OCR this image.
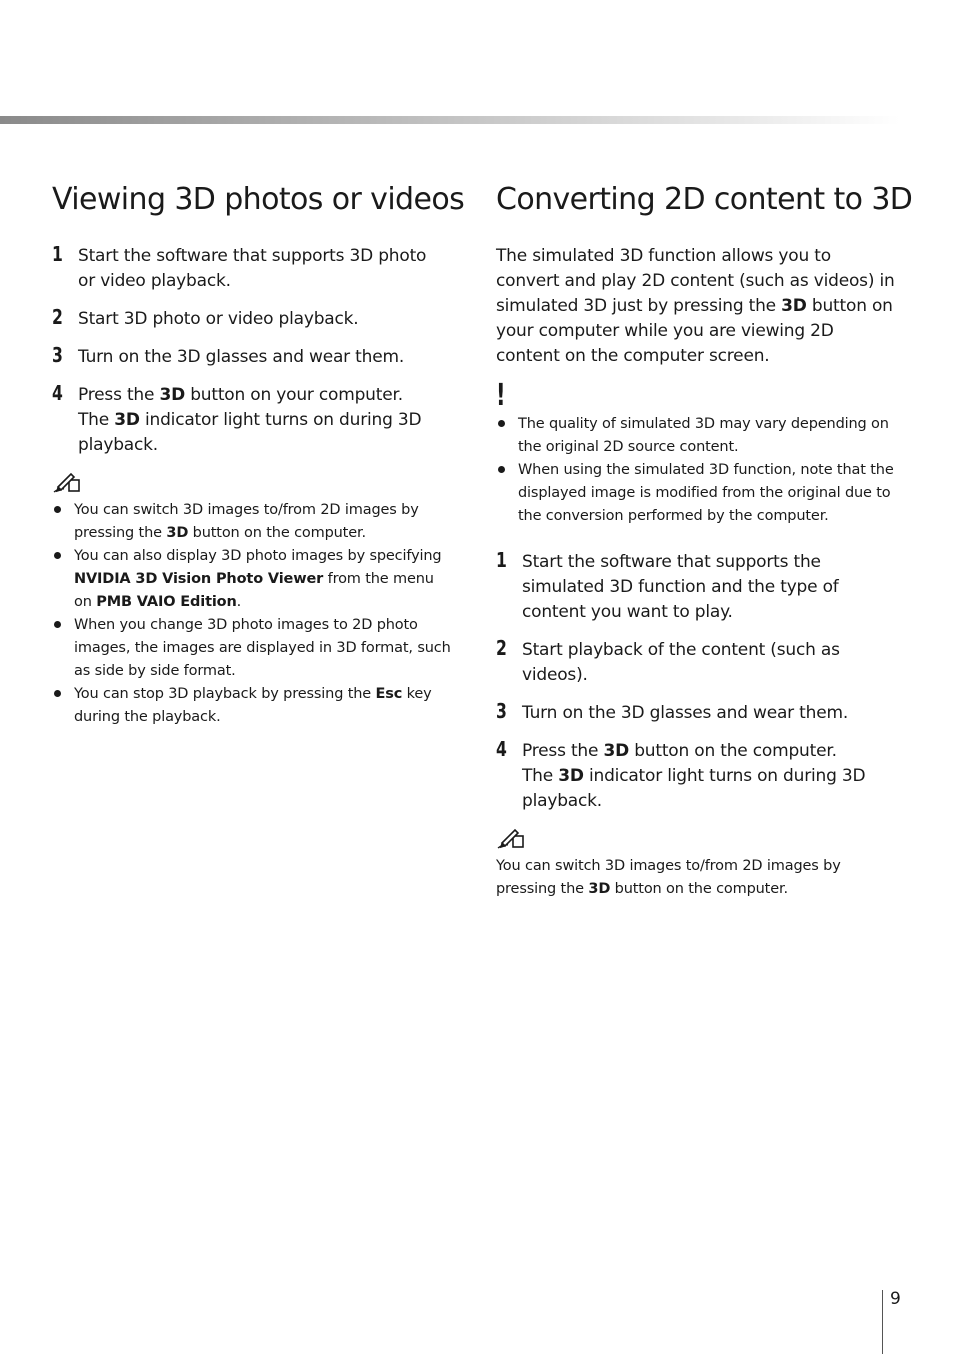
Viewing 3D photos or videos
1 Start the software that supports 3D photo
or video playback.
2 Start 3D photo or video playback.
3 Turn on the 3D glasses and wear them.
4 Press the 3D button on your computer.
The 3D indicator light turns on during 3D playback.
You can switch 3D images to/from 2D images by pressing the 3D button on the computer.
You can also display 3D photo images by specifying NVIDIA 3D Vision Photo Viewer from the menu on PMB VAIO Edition.
When you change 3D photo images to 2D photo images, the images are displayed in 3D format, such as side by side format.
You can stop 3D playback by pressing the Esc key during the playback.
Converting 2D content to 3D

The simulated 3D function allows you to convert and play 2D content (such as videos) in simulated 3D just by pressing the 3D button on your computer while you are viewing 2D content on the computer screen.

!
The quality of simulated 3D may vary depending on the original 2D source content.
When using the simulated 3D function, note that the displayed image is modified from the original due to the conversion performed by the computer.
1 Start the software that supports the simulated 3D function and the type of content you want to play.
2 Start playback of the content (such as videos).
3 Turn on the 3D glasses and wear them.
4 Press the 3D button on the computer.
The 3D indicator light turns on during 3D playback.

You can switch 3D images to/from 2D images by pressing the 3D button on the computer.

9
